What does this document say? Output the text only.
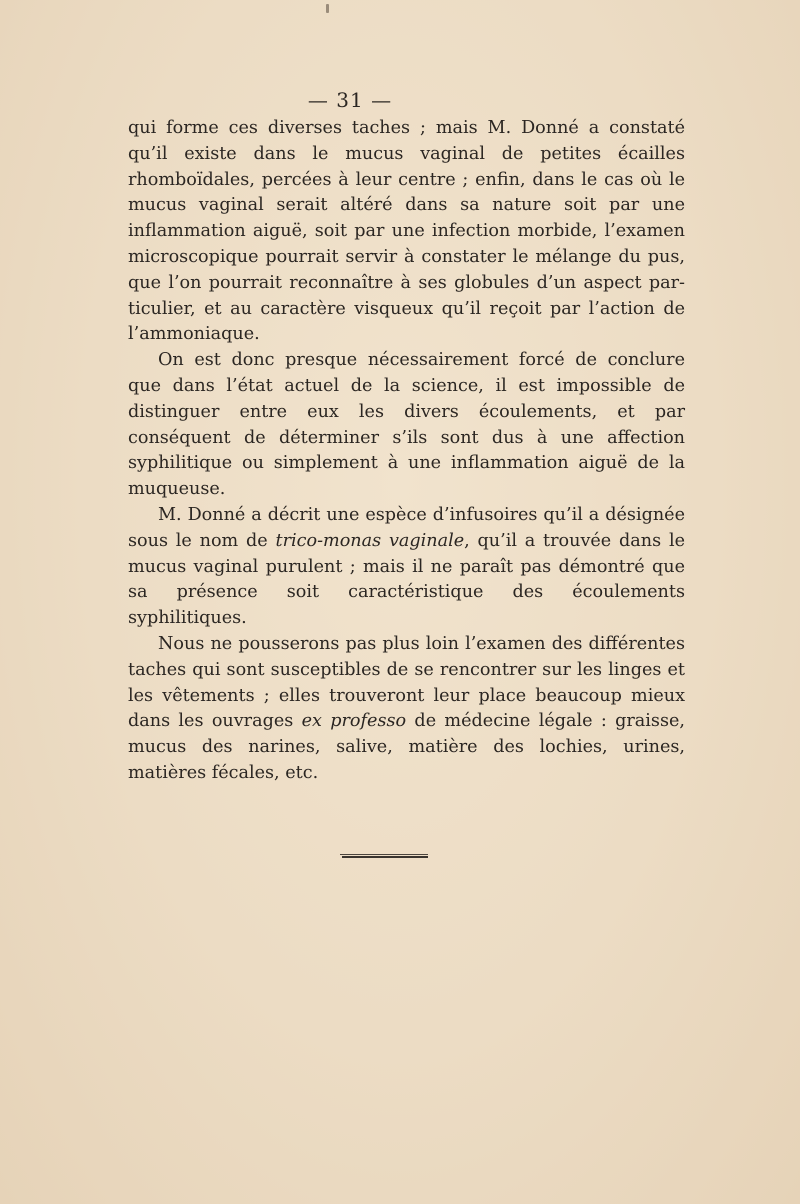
— 31 —

qui forme ces diverses taches ; mais M. Donné a constaté qu’il existe dans le mucus vaginal de petites écailles rhomboïdales, percées à leur centre ; enfin, dans le cas où le mucus vaginal serait altéré dans sa nature soit par une inflammation aiguë, soit par une infection morbide, l’examen microscopique pourrait servir à constater le mélange du pus, que l’on pourrait reconnaître à ses globules d’un aspect particulier, et au caractère visqueux qu’il reçoit par l’action de l’ammoniaque.

On est donc presque nécessairement forcé de conclure que dans l’état actuel de la science, il est impossible de distinguer entre eux les divers écoulements, et par conséquent de déterminer s’ils sont dus à une affection syphilitique ou simplement à une inflammation aiguë de la muqueuse.

M. Donné a décrit une espèce d’infusoires qu’il a désignée sous le nom de trico-monas vaginale, qu’il a trouvée dans le mucus vaginal purulent ; mais il ne paraît pas démontré que sa présence soit caractéristique des écoulements syphilitiques.

Nous ne pousserons pas plus loin l’examen des différentes taches qui sont susceptibles de se rencontrer sur les linges et les vêtements ; elles trouveront leur place beaucoup mieux dans les ouvrages ex professo de médecine légale : graisse, mucus des narines, salive, matière des lochies, urines, matières fécales, etc.
